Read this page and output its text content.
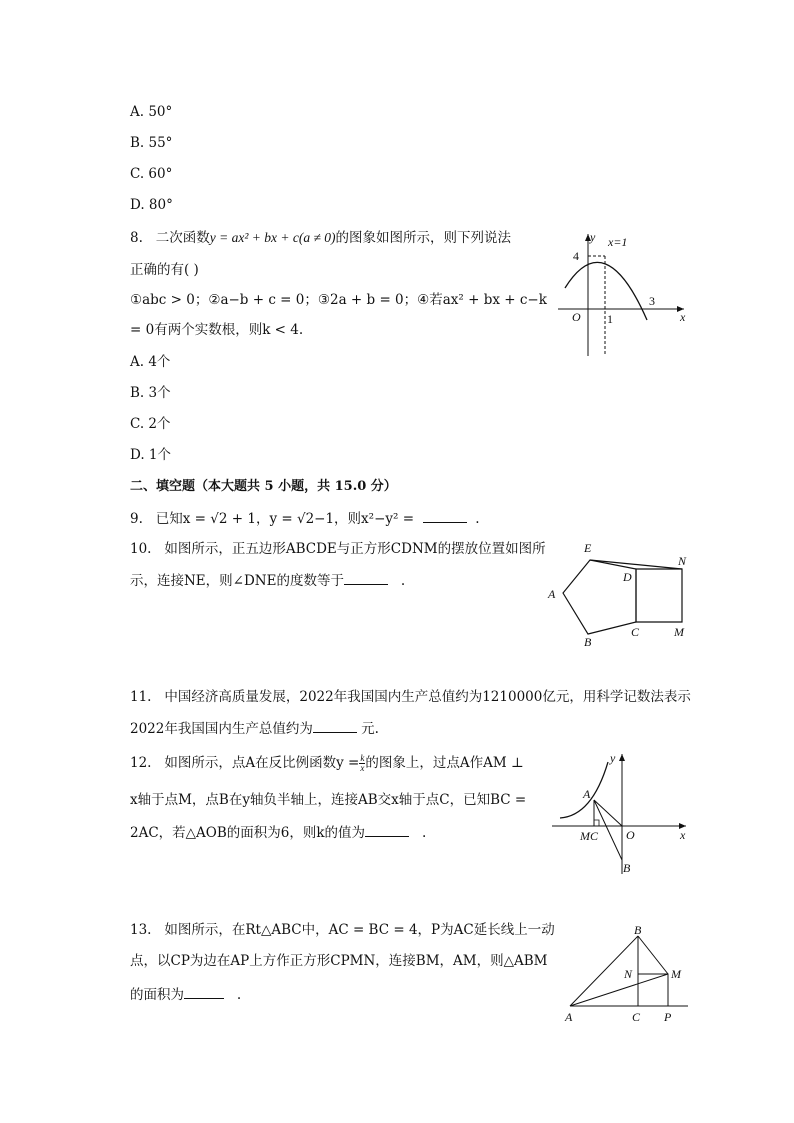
A. 50°
B. 55°
C. 60°
D. 80°
8. 二次函数y = ax² + bx + c(a ≠ 0)的图象如图所示，则下列说法
正确的有( )
①abc > 0；②a−b + c = 0；③2a + b = 0；④若ax² + bx + c−k
= 0有两个实数根，则k < 4.
A. 4个
B. 3个
C. 2个
D. 1个
y x=1
4
O 1
3
x
二、填空题（本大题共 5 小题，共 15.0 分）
9. 已知x = √2 + 1，y = √2−1，则x²−y² =	.
10. 如图所示，正五边形ABCDE与正方形CDNM的摆放位置如图所
示，连接NE，则∠DNE的度数等于	.
A
B
C
D
E
N
M
11. 中国经济高质量发展，2022年我国国内生产总值约为1210000亿元，用科学记数法表示
2022年我国国内生产总值约为	元.
12. 如图所示，点A在反比例函数$y = \frac{k}{x}$ 的图象上，过点A作AM ⊥
x轴于点M，点B在y轴负半轴上，连接AB交x轴于点C，已知BC =
2AC，若△AOB的面积为6，则k的值为	.
y
x
A
MC O
B
13. 如图所示，在Rt△ABC中，AC = BC = 4，P为AC延长线上一动
点，以CP为边在AP上方作正方形CPMN，连接BM，AM，则△ABM
的面积为	.
B
A	C P
M
N
